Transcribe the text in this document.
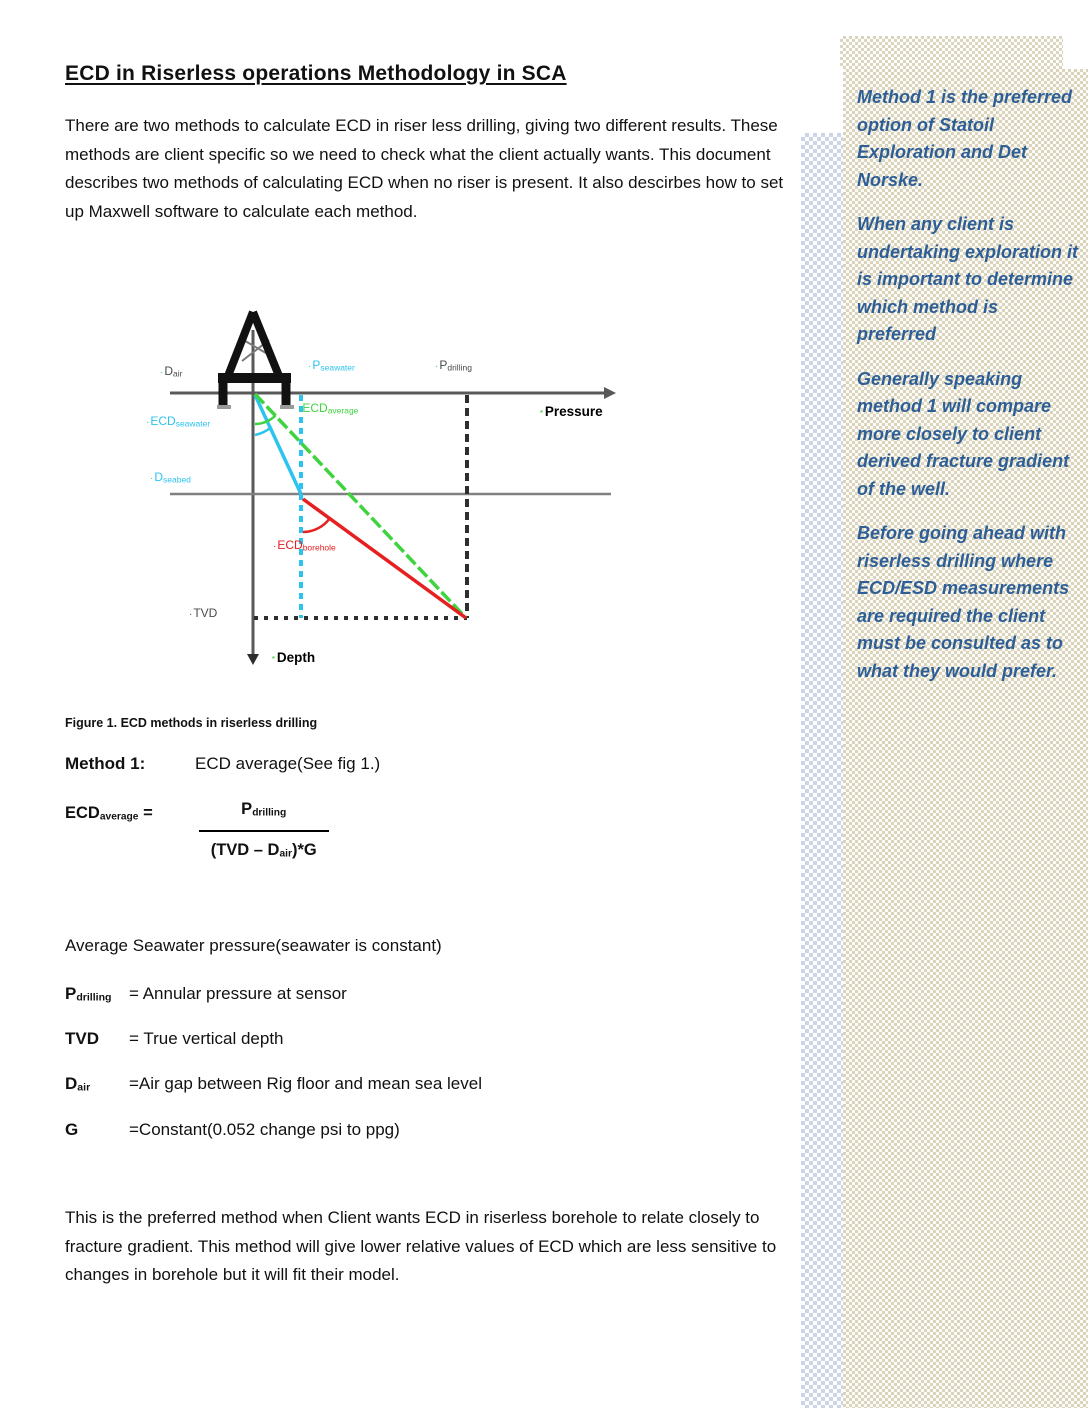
ECD in Riserless operations Methodology in SCA
There are two methods to calculate ECD in riser less drilling, giving two different results. These methods are client specific so we need to check what the client actually wants. This document describes two methods of calculating ECD when no riser is present. It also descirbes how to set up Maxwell software to calculate each method.
$\cdot D_{air}$
$\cdot P_{seawater}$	$\cdot P_{drilling}$
▪ Pressure
$\cdot ECD_{seawater}$
$\cdot ECD_{average}$
$\cdot D_{seabed}$
$\cdot ECD_{borehole}$
·TVD
▪ Depth
Figure 1. ECD methods in riserless drilling
Method 1:	ECD average(See fig 1.)
$ECD_{average}$ =	$\frac{P_{drilling}}{(TVD - D_{air})*G}$
Average Seawater pressure(seawater is constant)
$P_{drilling}$	= Annular pressure at sensor
TVD	= True vertical depth
$D_{air}$	=Air gap between Rig floor and mean sea level
G	=Constant(0.052 change psi to ppg)
This is the preferred method when Client wants ECD in riserless borehole to relate closely to fracture gradient. This method will give lower relative values of ECD which are less sensitive to changes in borehole but it will fit their model.

Method 1 is the preferred option of Statoil Exploration and Det Norske.

When any client is undertaking exploration it is important to determine which method is preferred

Generally speaking method 1 will compare more closely to client derived fracture gradient of the well.

Before going ahead with riserless drilling where ECD/ESD measurements are required the client must be consulted as to what they would prefer.
